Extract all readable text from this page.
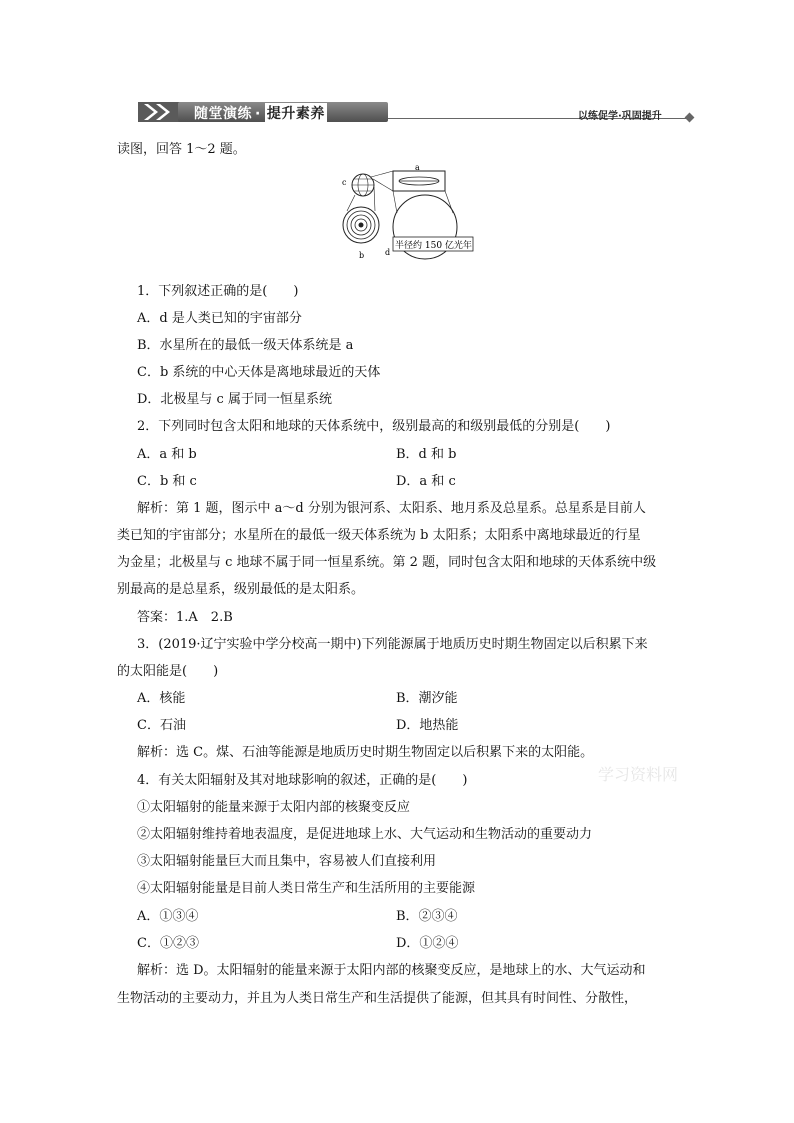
随堂演练 · 提升素养	以练促学·巩固提升
读图，回答 1～2 题。
c
a
b	d
半径约 150 亿光年
1．下列叙述正确的是(　　)
A．d 是人类已知的宇宙部分
B．水星所在的最低一级天体系统是 a
C．b 系统的中心天体是离地球最近的天体
D．北极星与 c 属于同一恒星系统
2．下列同时包含太阳和地球的天体系统中，级别最高的和级别最低的分别是(　　)
A．a 和 b	B．d 和 b
C．b 和 c	D．a 和 c
解析：第 1 题，图示中 a～d 分别为银河系、太阳系、地月系及总星系。总星系是目前人
类已知的宇宙部分；水星所在的最低一级天体系统为 b 太阳系；太阳系中离地球最近的行星
为金星；北极星与 c 地球不属于同一恒星系统。第 2 题，同时包含太阳和地球的天体系统中级
别最高的是总星系，级别最低的是太阳系。
答案：1.A　2.B
3．(2019·辽宁实验中学分校高一期中)下列能源属于地质历史时期生物固定以后积累下来
的太阳能是(　　)
A．核能	B．潮汐能
C．石油	D．地热能
解析：选 C。煤、石油等能源是地质历史时期生物固定以后积累下来的太阳能。
学习资料网
4．有关太阳辐射及其对地球影响的叙述，正确的是(　　)
①太阳辐射的能量来源于太阳内部的核聚变反应
②太阳辐射维持着地表温度，是促进地球上水、大气运动和生物活动的重要动力
③太阳辐射能量巨大而且集中，容易被人们直接利用
④太阳辐射能量是目前人类日常生产和生活所用的主要能源
A．①③④	B．②③④
C．①②③	D．①②④
解析：选 D。太阳辐射的能量来源于太阳内部的核聚变反应，是地球上的水、大气运动和
生物活动的主要动力，并且为人类日常生产和生活提供了能源，但其具有时间性、分散性，
